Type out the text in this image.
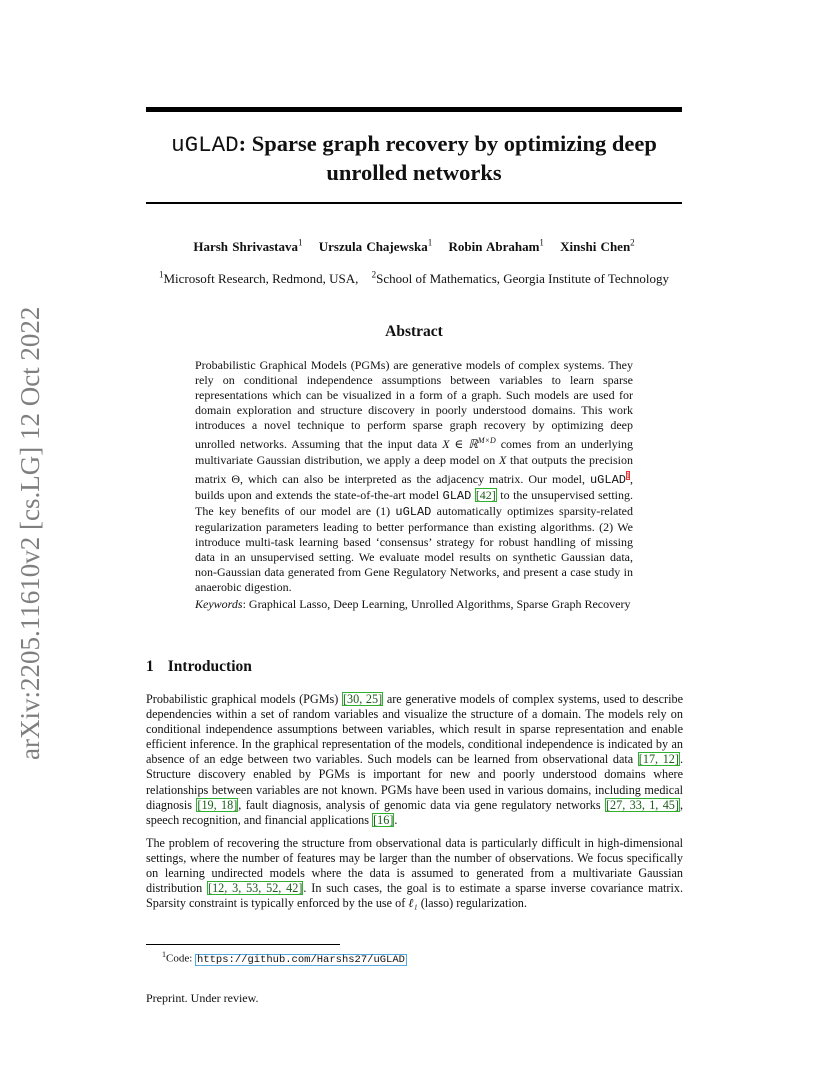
arXiv:2205.11610v2 [cs.LG] 12 Oct 2022
uGLAD: Sparse graph recovery by optimizing deep
unrolled networks
Harsh Shrivastava$^1$ Urszula Chajewska$^1$ Robin Abraham$^1$ Xinshi Chen$^2$
$^1$Microsoft Research, Redmond, USA, $^2$School of Mathematics, Georgia Institute of Technology
Abstract

Probabilistic Graphical Models (PGMs) are generative models of complex systems. They rely on conditional independence assumptions between variables to learn sparse representations which can be visualized in a form of a graph. Such models are used for domain exploration and structure discovery in poorly understood domains. This work introduces a novel technique to perform sparse graph recovery by optimizing deep unrolled networks. Assuming that the input data X ∈ ℝ$^{M\times D}$ comes from an underlying multivariate Gaussian distribution, we apply a deep model on X that outputs the precision matrix Θ, which can also be interpreted as the adjacency matrix. Our model, uGLAD$^1$, builds upon and extends the state-of-the-art model GLAD [42] to the unsupervised setting. The key benefits of our model are (1) uGLAD automatically optimizes sparsity-related regularization parameters leading to better performance than existing algorithms. (2) We introduce multi-task learning based ‘consensus’ strategy for robust handling of missing data in an unsupervised setting. We evaluate model results on synthetic Gaussian data, non-Gaussian data generated from Gene Regulatory Networks, and present a case study in anaerobic digestion.

Keywords: Graphical Lasso, Deep Learning, Unrolled Algorithms, Sparse Graph Recovery

1 Introduction

Probabilistic graphical models (PGMs) [30, 25] are generative models of complex systems, used to describe dependencies within a set of random variables and visualize the structure of a domain. The models rely on conditional independence assumptions between variables, which result in sparse representation and enable efficient inference. In the graphical representation of the models, conditional independence is indicated by an absence of an edge between two variables. Such models can be learned from observational data [17, 12]. Structure discovery enabled by PGMs is important for new and poorly understood domains where relationships between variables are not known. PGMs have been used in various domains, including medical diagnosis [19, 18], fault diagnosis, analysis of genomic data via gene regulatory networks [27, 33, 1, 45], speech recognition, and financial applications [16].

The problem of recovering the structure from observational data is particularly difficult in high-dimensional settings, where the number of features may be larger than the number of observations. We focus specifically on learning undirected models where the data is assumed to generated from a multivariate Gaussian distribution [12, 3, 53, 52, 42]. In such cases, the goal is to estimate a sparse inverse covariance matrix. Sparsity constraint is typically enforced by the use of ℓ₁ (lasso) regularization.

$^1$Code: https://github.com/Harshs27/uGLAD
Preprint. Under review.
